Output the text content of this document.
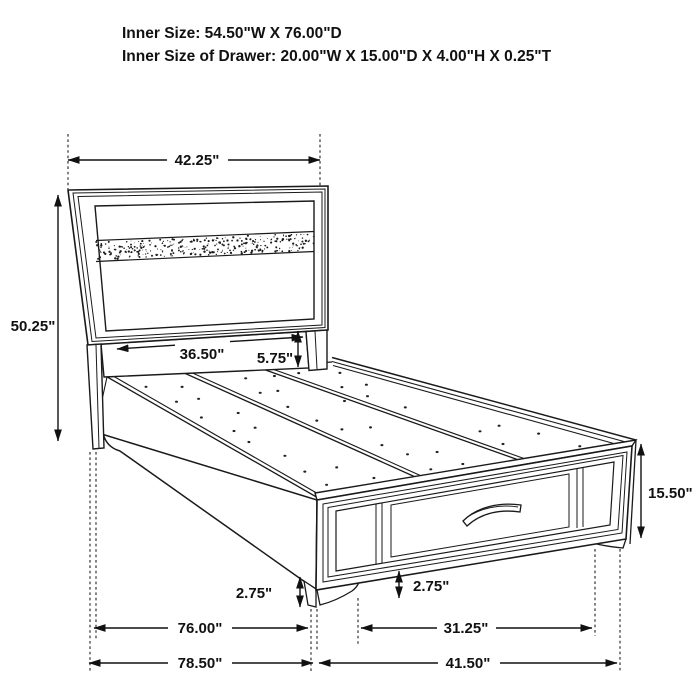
Inner Size: 54.50"W X 76.00"D
Inner Size of Drawer: 20.00"W X 15.00"D X 4.00"H X 0.25"T
42.25"
50.25"
36.50" 5.75"
15.50"
2.75"	2.75"
76.00"	31.25"
78.50"	41.50"
